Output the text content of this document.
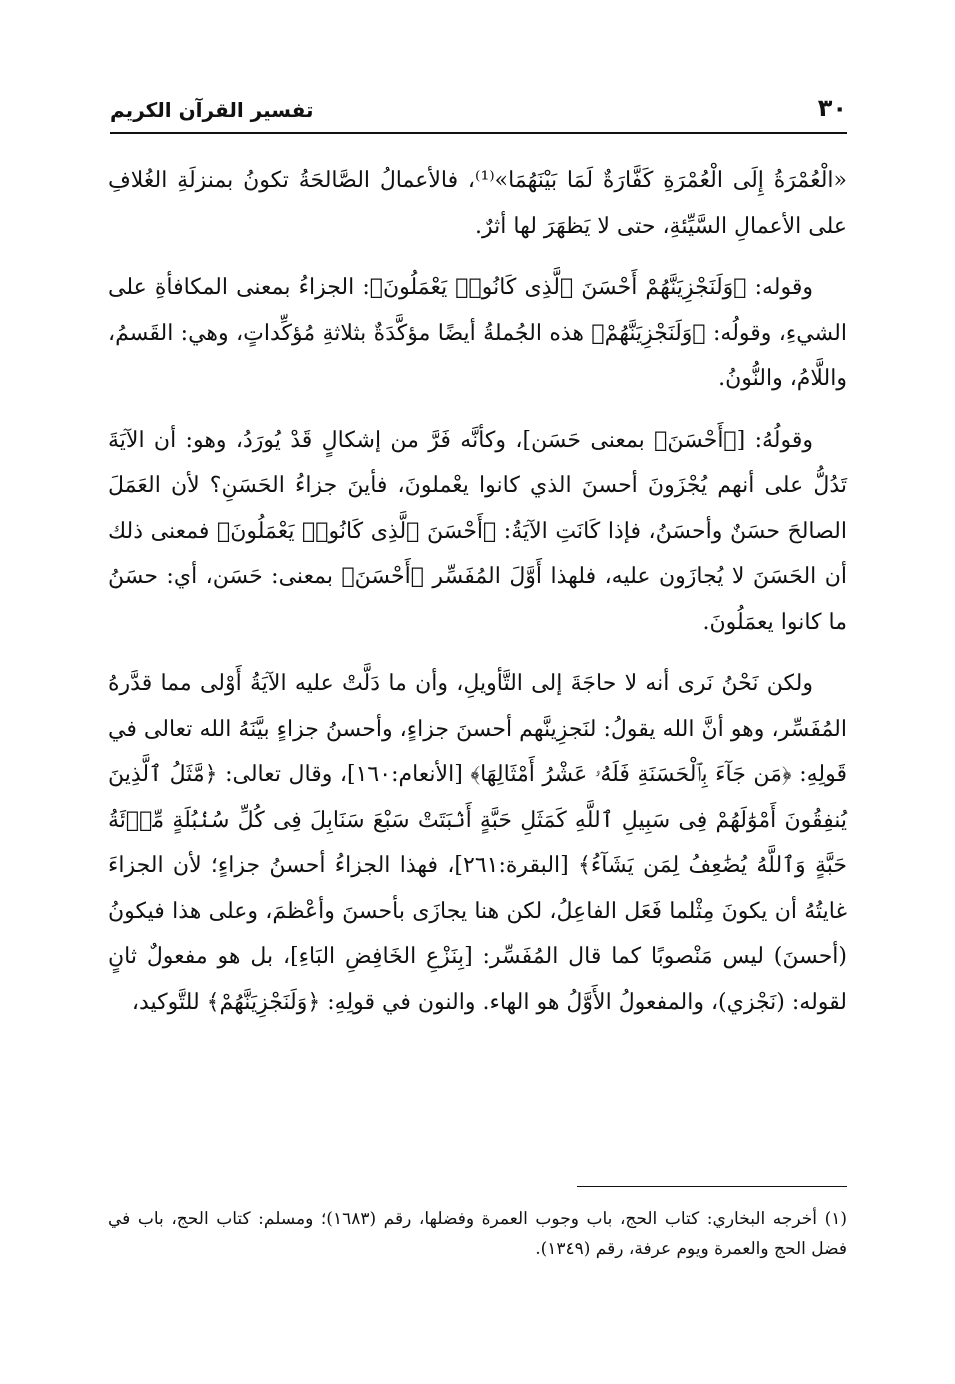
٣٠
تفسير القرآن الكريم

«الْعُمْرَةُ إِلَى الْعُمْرَةِ كَفَّارَةٌ لَمَا بَيْنَهُمَا»⁽¹⁾، فالأعمالُ الصَّالحَةُ تكونُ بمنزلَةِ الغُلافِ على الأعمالِ السَّيِّئةِ، حتى لا يَظهَرَ لها أثرٌ.

وقوله: ﴿وَلَنَجْزِيَنَّهُمْ أَحْسَنَ ٱلَّذِى كَانُوا۟ يَعْمَلُونَ﴾: الجزاءُ بمعنى المكافأةِ على الشيءِ، وقولُه: ﴿وَلَنَجْزِيَنَّهُمْ﴾ هذه الجُملةُ أيضًا مؤكَّدَةٌ بثلاثةِ مُؤكِّداتٍ، وهي: القَسمُ، واللَّامُ، والنُّونُ.

وقولُهُ: [﴿أَحْسَنَ﴾ بمعنى حَسَن]، وكأنَّه فَرَّ من إشكالٍ قَدْ يُورَدُ، وهو: أن الآيَةَ تَدُلُّ على أنهم يُجْزَونَ أحسنَ الذي كانوا يعْملونَ، فأينَ جزاءُ الحَسَنِ؟ لأن العَمَلَ الصالحَ حسَنٌ وأحسَنُ، فإذا كَانَتِ الآيَةُ: ﴿أَحْسَنَ ٱلَّذِى كَانُوا۟ يَعْمَلُونَ﴾ فمعنى ذلك أن الحَسَنَ لا يُجازَون عليه، فلهذا أَوَّلَ المُفَسِّر ﴿أَحْسَنَ﴾ بمعنى: حَسَن، أي: حسَنُ ما كانوا يعمَلُونَ.

ولكن نَحْنُ نَرى أنه لا حاجَةَ إلى التَّأويلِ، وأن ما دَلَّتْ عليه الآيَةُ أَوْلى مما قدَّرهُ المُفَسِّر، وهو أنَّ الله يقولُ: لنَجزِينَّهم أحسنَ جزاءٍ، وأحسنُ جزاءٍ بيَّنَهُ الله تعالى في قَولِهِ: ﴿مَن جَآءَ بِٱلْحَسَنَةِ فَلَهُۥ عَشْرُ أَمْثَالِهَا﴾ [الأنعام:١٦٠]، وقال تعالى: ﴿مَّثَلُ ٱلَّذِينَ يُنفِقُونَ أَمْوَٰلَهُمْ فِى سَبِيلِ ٱللَّهِ كَمَثَلِ حَبَّةٍ أَنۢبَتَتْ سَبْعَ سَنَابِلَ فِى كُلِّ سُنۢبُلَةٍ مِّا۟ئَةُ حَبَّةٍ وَٱللَّهُ يُضَٰعِفُ لِمَن يَشَآءُ﴾ [البقرة:٢٦١]، فهذا الجزاءُ أحسنُ جزاءٍ؛ لأن الجزاءَ غايتُهُ أن يكونَ مِثْلما فَعَل الفاعِلُ، لكن هنا يجازَى بأحسنَ وأعْظمَ، وعلى هذا فيكونُ (أحسنَ) ليس مَنْصوبًا كما قال المُفَسِّر: [بِنَزْعِ الخَافِضِ البَاءِ]، بل هو مفعولٌ ثانٍ لقوله: (نَجْزي)، والمفعولُ الأَوَّلُ هو الهاء. والنون في قولِهِ: ﴿وَلَنَجْزِيَنَّهُمْ﴾ للتَّوكيد،

(١) أخرجه البخاري: كتاب الحج، باب وجوب العمرة وفضلها، رقم (١٦٨٣)؛ ومسلم: كتاب الحج، باب في فضل الحج والعمرة ويوم عرفة، رقم (١٣٤٩).
